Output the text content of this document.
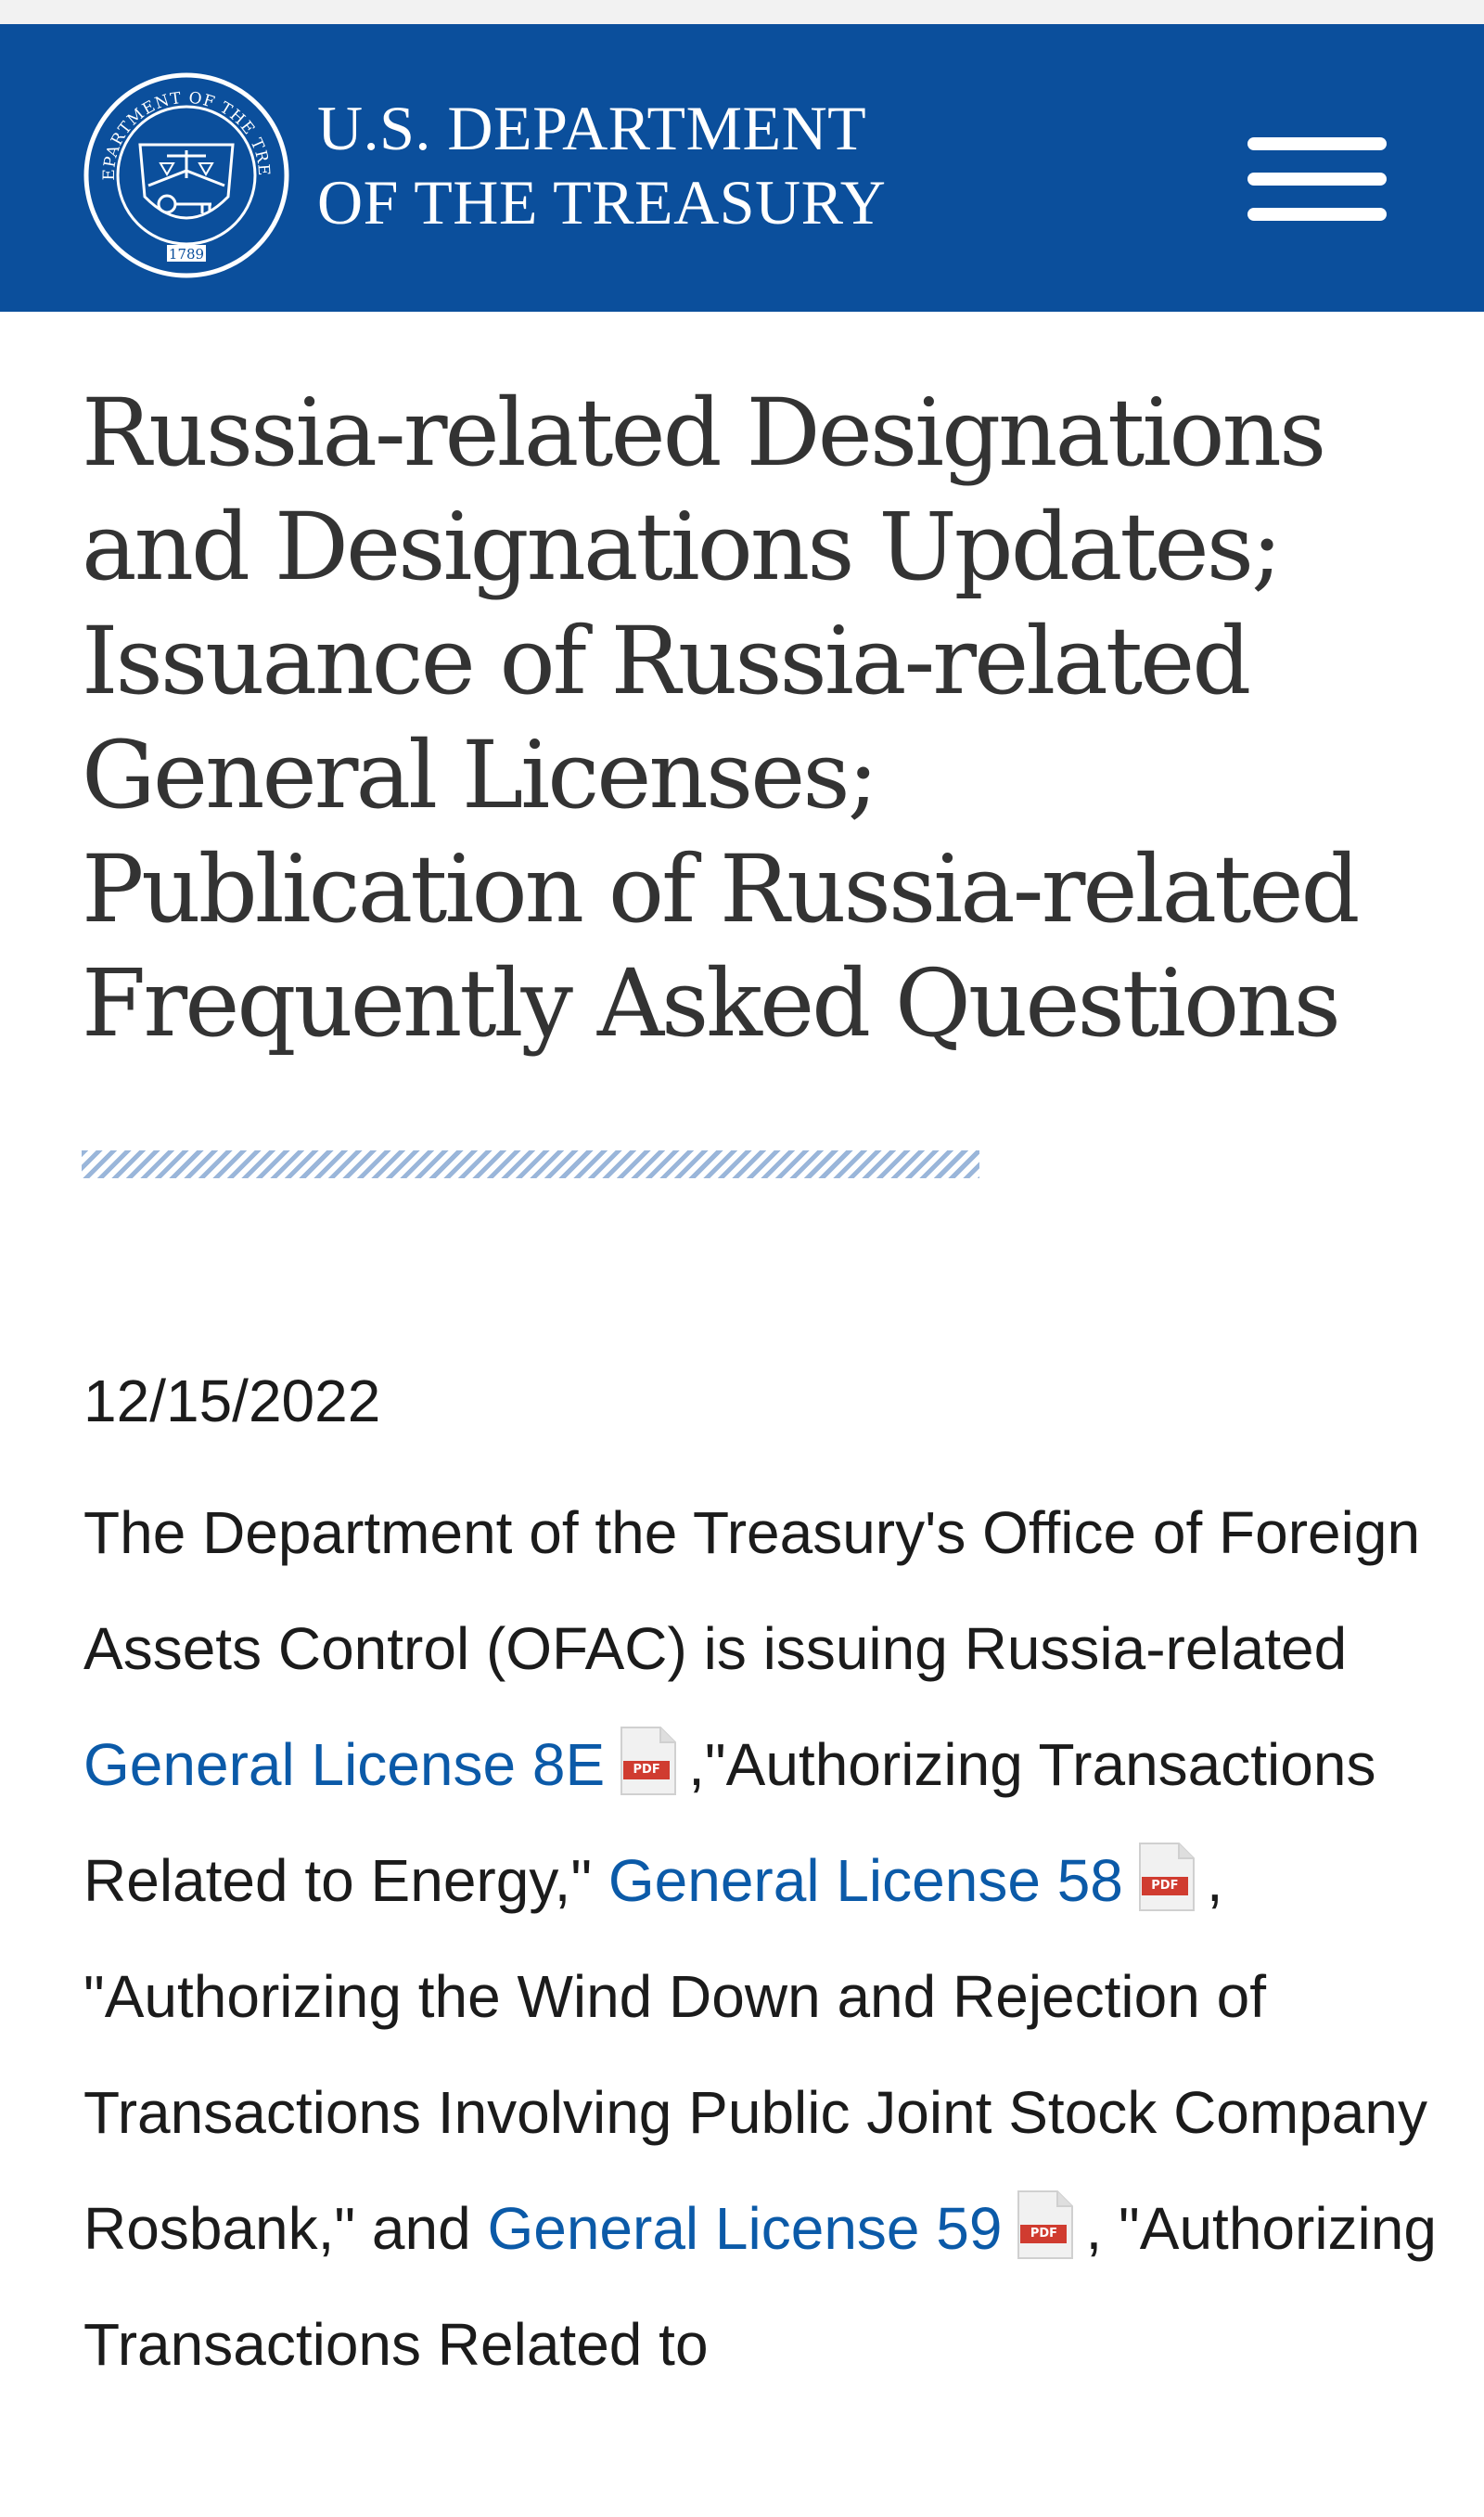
EPARTMENT OF THE TRE
1789
U.S. DEPARTMENT
OF THE TREASURY
Russia-related Designations and Designations Updates; Issuance of Russia-related General Licenses; Publication of Russia-related Frequently Asked Questions
12/15/2022

The Department of the Treasury's Office of Foreign Assets Control (OFAC) is issuing Russia-related General License 8E	PDF ,"Authorizing Transactions Related to Energy," General License 58	PDF , "Authorizing the Wind Down and Rejection of Transactions Involving Public Joint Stock Company Rosbank," and General License 59	PDF , "Authorizing Transactions Related to
